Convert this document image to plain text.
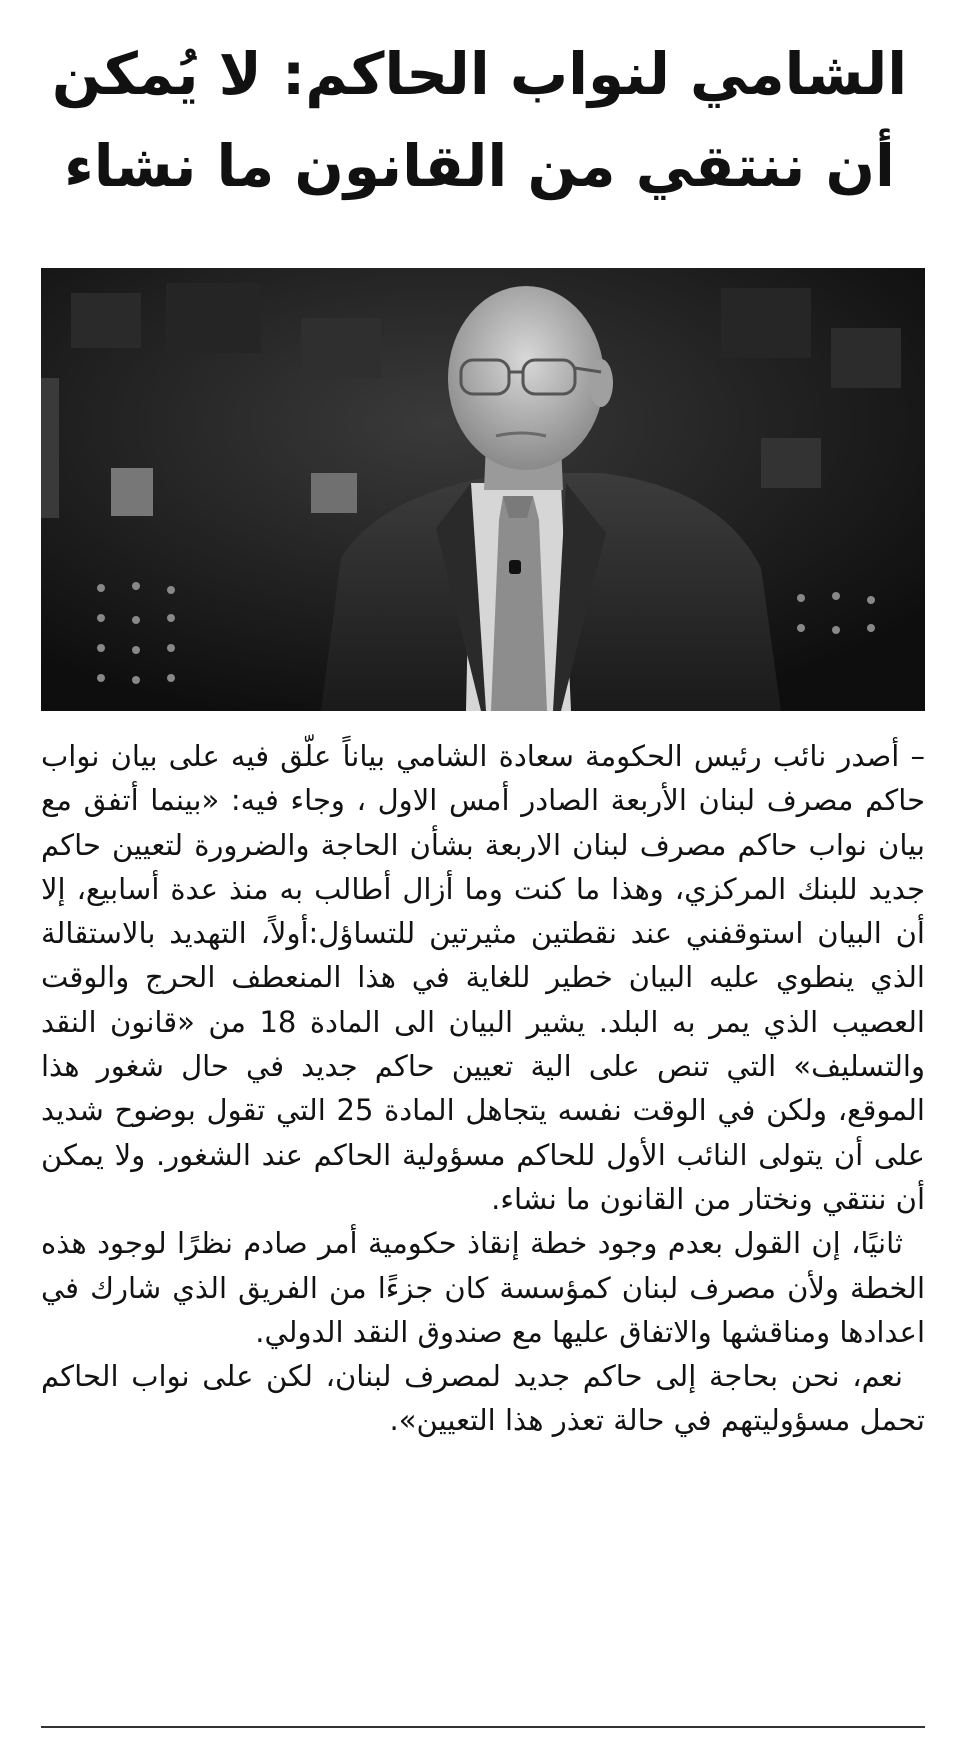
الشامي لنواب الحاكم: لا يُمكن
أن ننتقي من القانون ما نشاء

– أصدر نائب رئيس الحكومة سعادة الشامي بياناً علّق فيه على بيان نواب حاكم مصرف لبنان الأربعة الصادر أمس الاول ، وجاء فيه: «بينما أتفق مع بيان نواب حاكم مصرف لبنان الاربعة بشأن الحاجة والضرورة لتعيين حاكم جديد للبنك المركزي، وهذا ما كنت وما أزال أطالب به منذ عدة أسابيع، إلا أن البيان استوقفني عند نقطتين مثيرتين للتساؤل:أولاً، التهديد بالاستقالة الذي ينطوي عليه البيان خطير للغاية في هذا المنعطف الحرج والوقت العصيب الذي يمر به البلد. يشير البيان الى المادة 18 من «قانون النقد والتسليف» التي تنص على الية تعيين حاكم جديد في حال شغور هذا الموقع، ولكن في الوقت نفسه يتجاهل المادة 25 التي تقول بوضوح شديد على أن يتولى النائب الأول للحاكم مسؤولية الحاكم عند الشغور. ولا يمكن أن ننتقي ونختار من القانون ما نشاء.

ثانيًا، إن القول بعدم وجود خطة إنقاذ حكومية أمر صادم نظرًا لوجود هذه الخطة ولأن مصرف لبنان كمؤسسة كان جزءًا من الفريق الذي شارك في اعدادها ومناقشها والاتفاق عليها مع صندوق النقد الدولي.

نعم، نحن بحاجة إلى حاكم جديد لمصرف لبنان، لكن على نواب الحاكم تحمل مسؤوليتهم في حالة تعذر هذا التعيين».
